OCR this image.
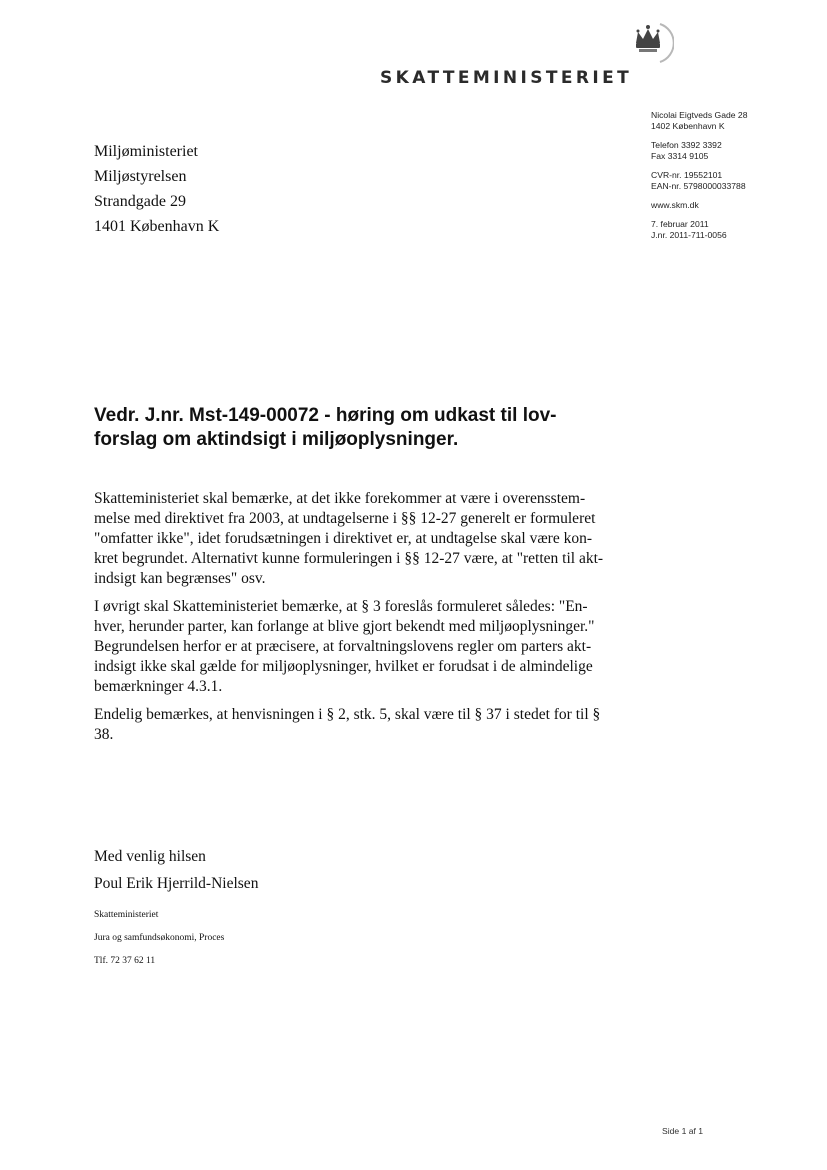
SKATTEMINISTERIET
Nicolai Eigtveds Gade 28
1402 København K
Telefon 3392 3392
Fax 3314 9105
CVR-nr. 19552101
EAN-nr. 5798000033788
www.skm.dk
7. februar 2011
J.nr. 2011-711-0056
Miljøministeriet
Miljøstyrelsen
Strandgade 29
1401 København K
Vedr. J.nr. Mst-149-00072 - høring om udkast til lov-
forslag om aktindsigt i miljøoplysninger.
Skatteministeriet skal bemærke, at det ikke forekommer at være i overensstem-
melse med direktivet fra 2003, at undtagelserne i §§ 12-27 generelt er formuleret
"omfatter ikke", idet forudsætningen i direktivet er, at undtagelse skal være kon-
kret begrundet. Alternativt kunne formuleringen i §§ 12-27 være, at "retten til akt-
indsigt kan begrænses" osv.
I øvrigt skal Skatteministeriet bemærke, at § 3 foreslås formuleret således: "En-
hver, herunder parter, kan forlange at blive gjort bekendt med miljøoplysninger."
Begrundelsen herfor er at præcisere, at forvaltningslovens regler om parters akt-
indsigt ikke skal gælde for miljøoplysninger, hvilket er forudsat i de almindelige
bemærkninger 4.3.1.
Endelig bemærkes, at henvisningen i § 2, stk. 5, skal være til § 37 i stedet for til §
38.
Med venlig hilsen
Poul Erik Hjerrild-Nielsen
Skatteministeriet
Jura og samfundsøkonomi, Proces
Tlf. 72 37 62 11
Side 1 af 1
